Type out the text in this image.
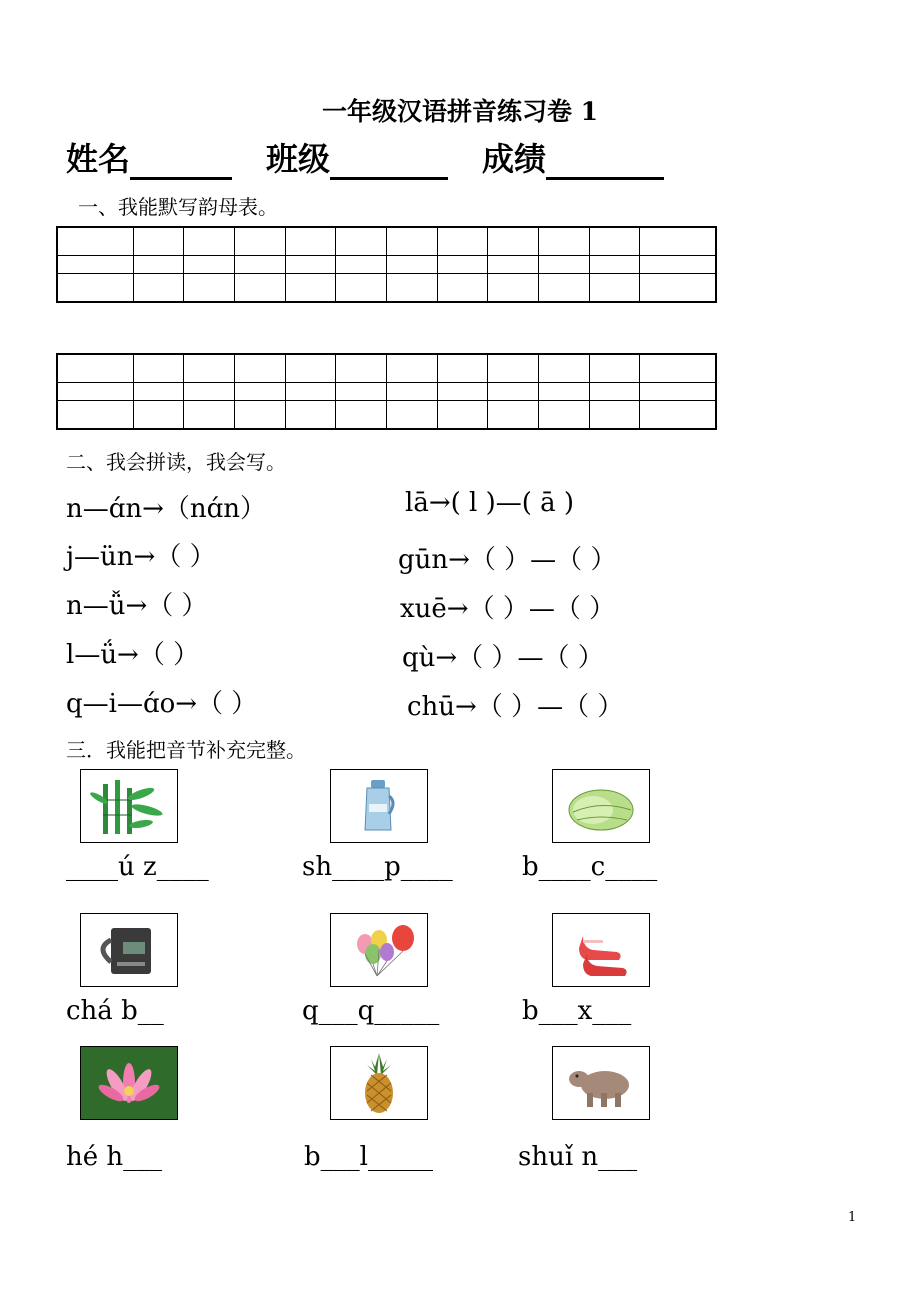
一年级汉语拼音练习卷 1
姓名	班级	成绩
一、我能默写韵母表。

二、我会拼读，我会写。
n—ɑ́n→（nɑ́n）	lā→( l )—( ā )
j—ün→（ ）	gūn→（ ）—（ ）
n—ǚ→（ ）	xuē→（ ）—（ ）
l—ǘ→（ ）	qù→（ ）—（ ）
q—i—ɑ́o→（ ）	chū→（ ）—（ ）
三．我能把音节补充完整。
____ú z____	sh____p____	b____c____
chá b__	q___q_____	b___x___
hé h___	b___l_____	shuǐ n___
1
